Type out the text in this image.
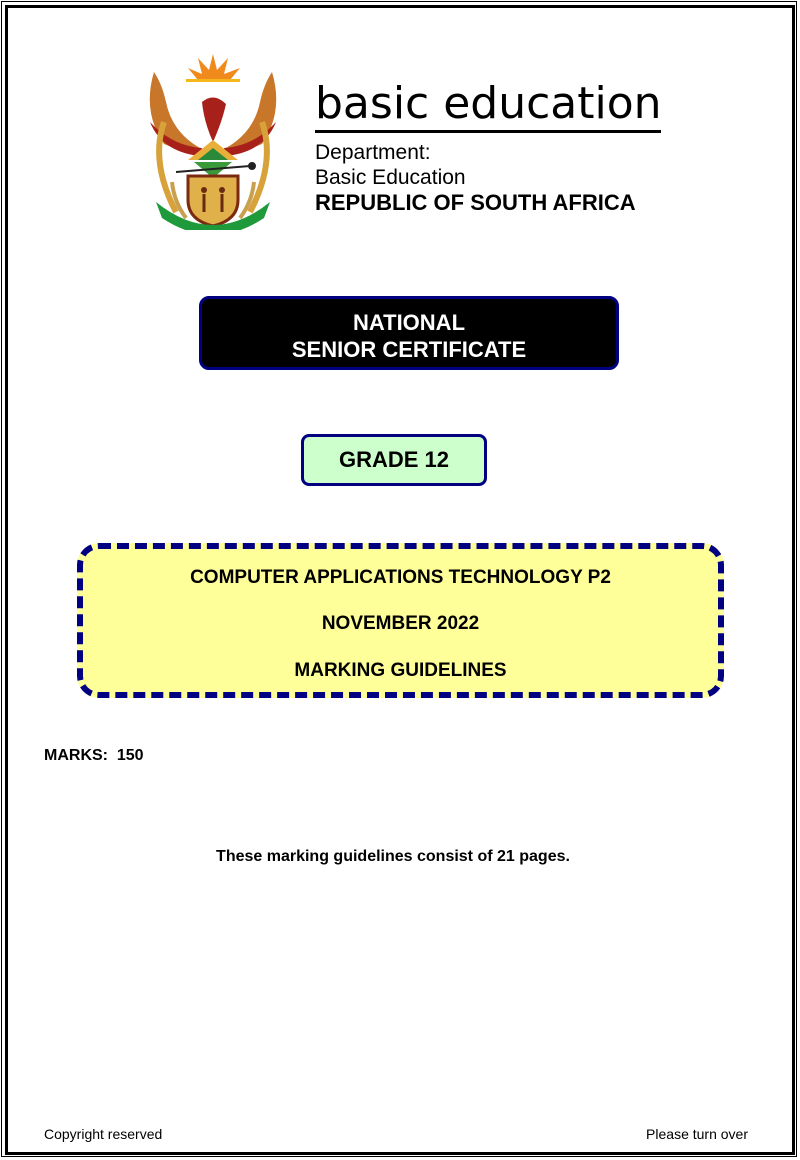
basic education
Department:
Basic Education
REPUBLIC OF SOUTH AFRICA
NATIONAL
SENIOR CERTIFICATE
GRADE 12
COMPUTER APPLICATIONS TECHNOLOGY P2
NOVEMBER 2022
MARKING GUIDELINES
MARKS:  150
These marking guidelines consist of 21 pages.
Copyright reserved	Please turn over
